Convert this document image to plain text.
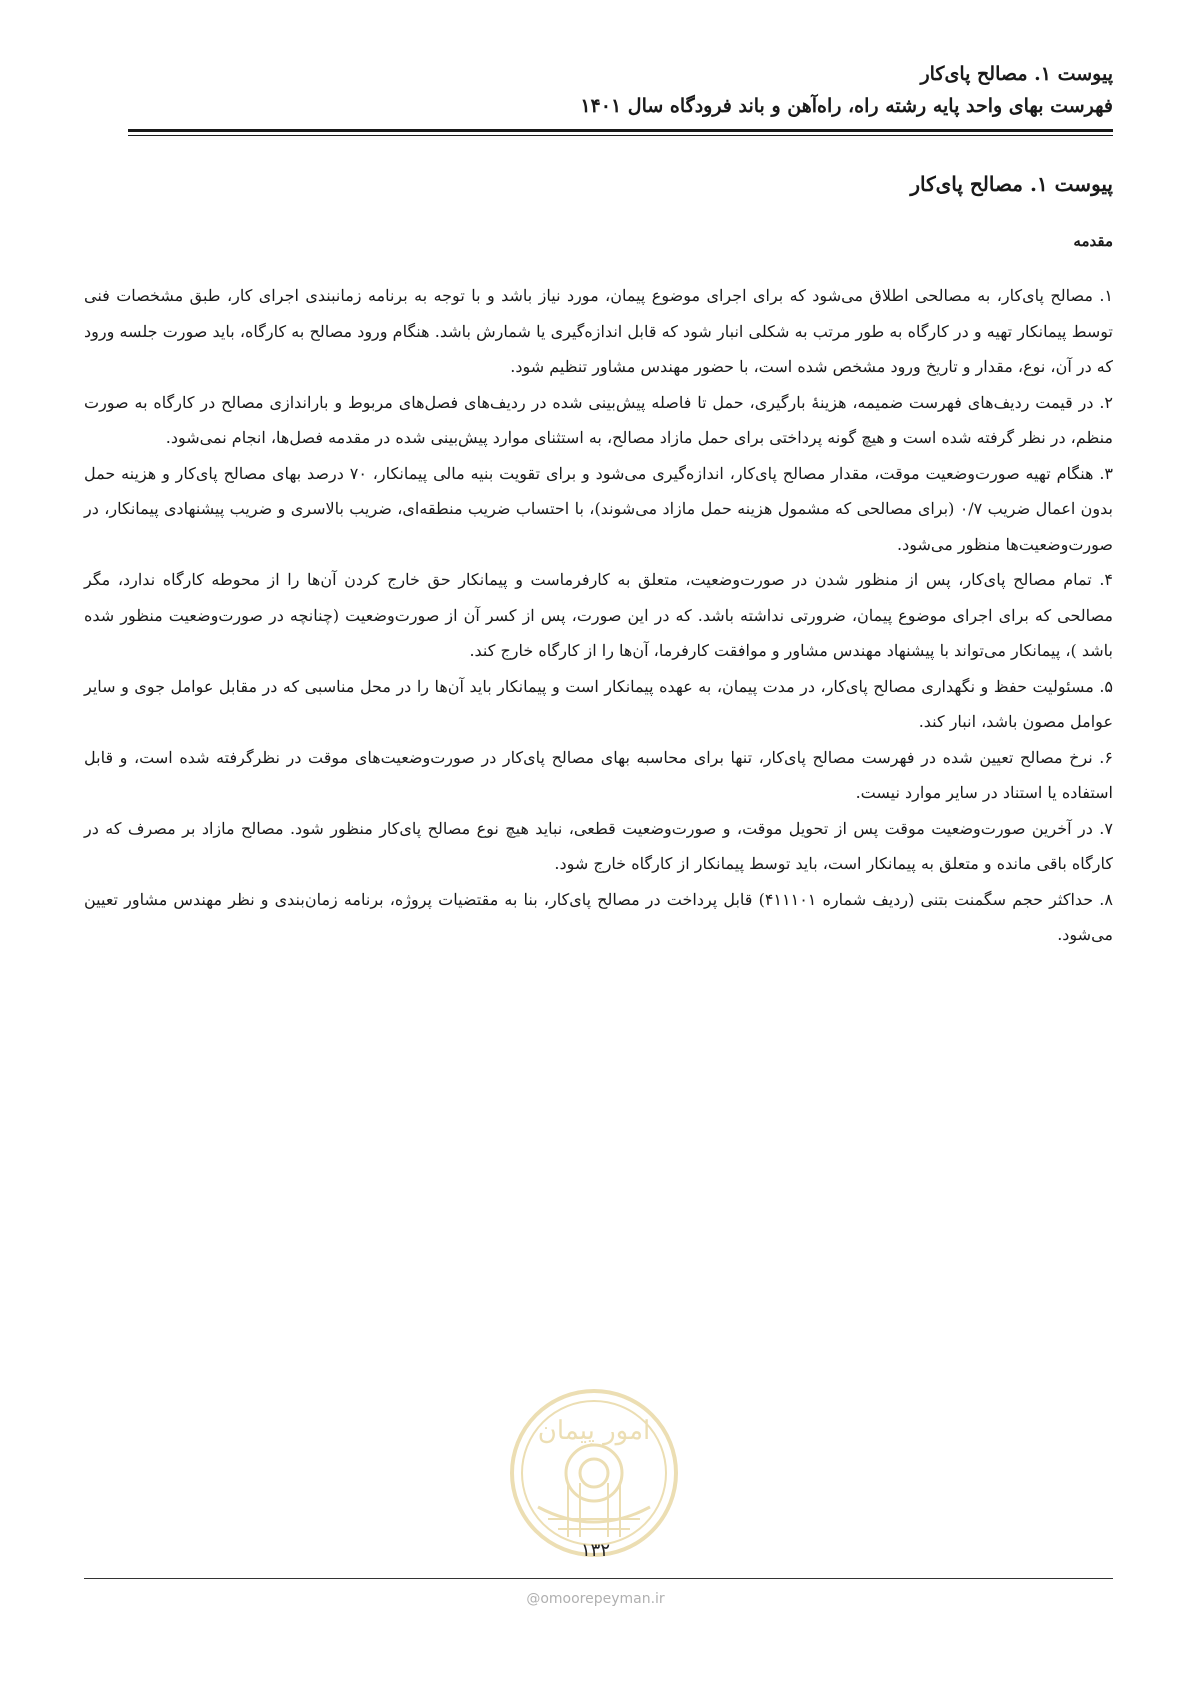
پیوست ۱. مصالح پای‌کار
فهرست بهای واحد پایه رشته راه، راه‌آهن و باند فرودگاه سال ۱۴۰۱
پیوست ۱. مصالح پای‌کار
مقدمه

۱. مصالح پای‌کار، به مصالحی اطلاق می‌شود که برای اجرای موضوع پیمان، مورد نیاز باشد و با توجه به برنامه زمانبندی اجرای کار، طبق مشخصات فنی توسط پیمانکار تهیه و در کارگاه به طور مرتب به شکلی انبار شود که قابل اندازه‌گیری یا شمارش باشد. هنگام ورود مصالح به کارگاه، باید صورت جلسه ورود که در آن، نوع، مقدار و تاریخ ورود مشخص شده است، با حضور مهندس مشاور تنظیم شود.

۲. در قیمت ردیف‌های فهرست ضمیمه، هزینهٔ بارگیری، حمل تا فاصله پیش‌بینی شده در ردیف‌های فصل‌های مربوط و باراندازی مصالح در کارگاه به صورت منظم، در نظر گرفته شده است و هیچ گونه پرداختی برای حمل مازاد مصالح، به استثنای موارد پیش‌بینی شده در مقدمه فصل‌ها، انجام نمی‌شود.

۳. هنگام تهیه صورت‌وضعیت موقت، مقدار مصالح پای‌کار، اندازه‌گیری می‌شود و برای تقویت بنیه مالی پیمانکار، ۷۰ درصد بهای مصالح پای‌کار و هزینه حمل بدون اعمال ضریب ۰/۷ (برای مصالحی که مشمول هزینه حمل مازاد می‌شوند)، با احتساب ضریب منطقه‌ای، ضریب بالاسری و ضریب پیشنهادی پیمانکار، در صورت‌وضعیت‌ها منظور می‌شود.

۴. تمام مصالح پای‌کار، پس از منظور شدن در صورت‌وضعیت، متعلق به کارفرماست و پیمانکار حق خارج کردن آن‌ها را از محوطه کارگاه ندارد، مگر مصالحی که برای اجرای موضوع پیمان، ضرورتی نداشته باشد. که در این صورت، پس از کسر آن از صورت‌وضعیت (چنانچه در صورت‌وضعیت منظور شده باشد )، پیمانکار می‌تواند با پیشنهاد مهندس مشاور و موافقت کارفرما، آن‌ها را از کارگاه خارج کند.

۵. مسئولیت حفظ و نگهداری مصالح پای‌کار، در مدت پیمان، به عهده پیمانکار است و پیمانکار باید آن‌ها را در محل مناسبی که در مقابل عوامل جوی و سایر عوامل مصون باشد، انبار کند.

۶. نرخ مصالح تعیین شده در فهرست مصالح پای‌کار، تنها برای محاسبه بهای مصالح پای‌کار در صورت‌وضعیت‌های موقت در نظرگرفته شده است، و قابل استفاده یا استناد در سایر موارد نیست.

۷. در آخرین صورت‌وضعیت موقت پس از تحویل موقت، و صورت‌وضعیت قطعی، نباید هیچ نوع مصالح پای‌کار منظور شود. مصالح مازاد بر مصرف که در کارگاه باقی مانده و متعلق به پیمانکار است، باید توسط پیمانکار از کارگاه خارج شود.

۸. حداکثر حجم سگمنت بتنی (ردیف شماره ۴۱۱۱۰۱) قابل پرداخت در مصالح پای‌کار، بنا به مقتضیات پروژه، برنامه زمان‌بندی و نظر مهندس مشاور تعیین می‌شود.

امور پیمان
۱۳۲
@omoorepeyman.ir
